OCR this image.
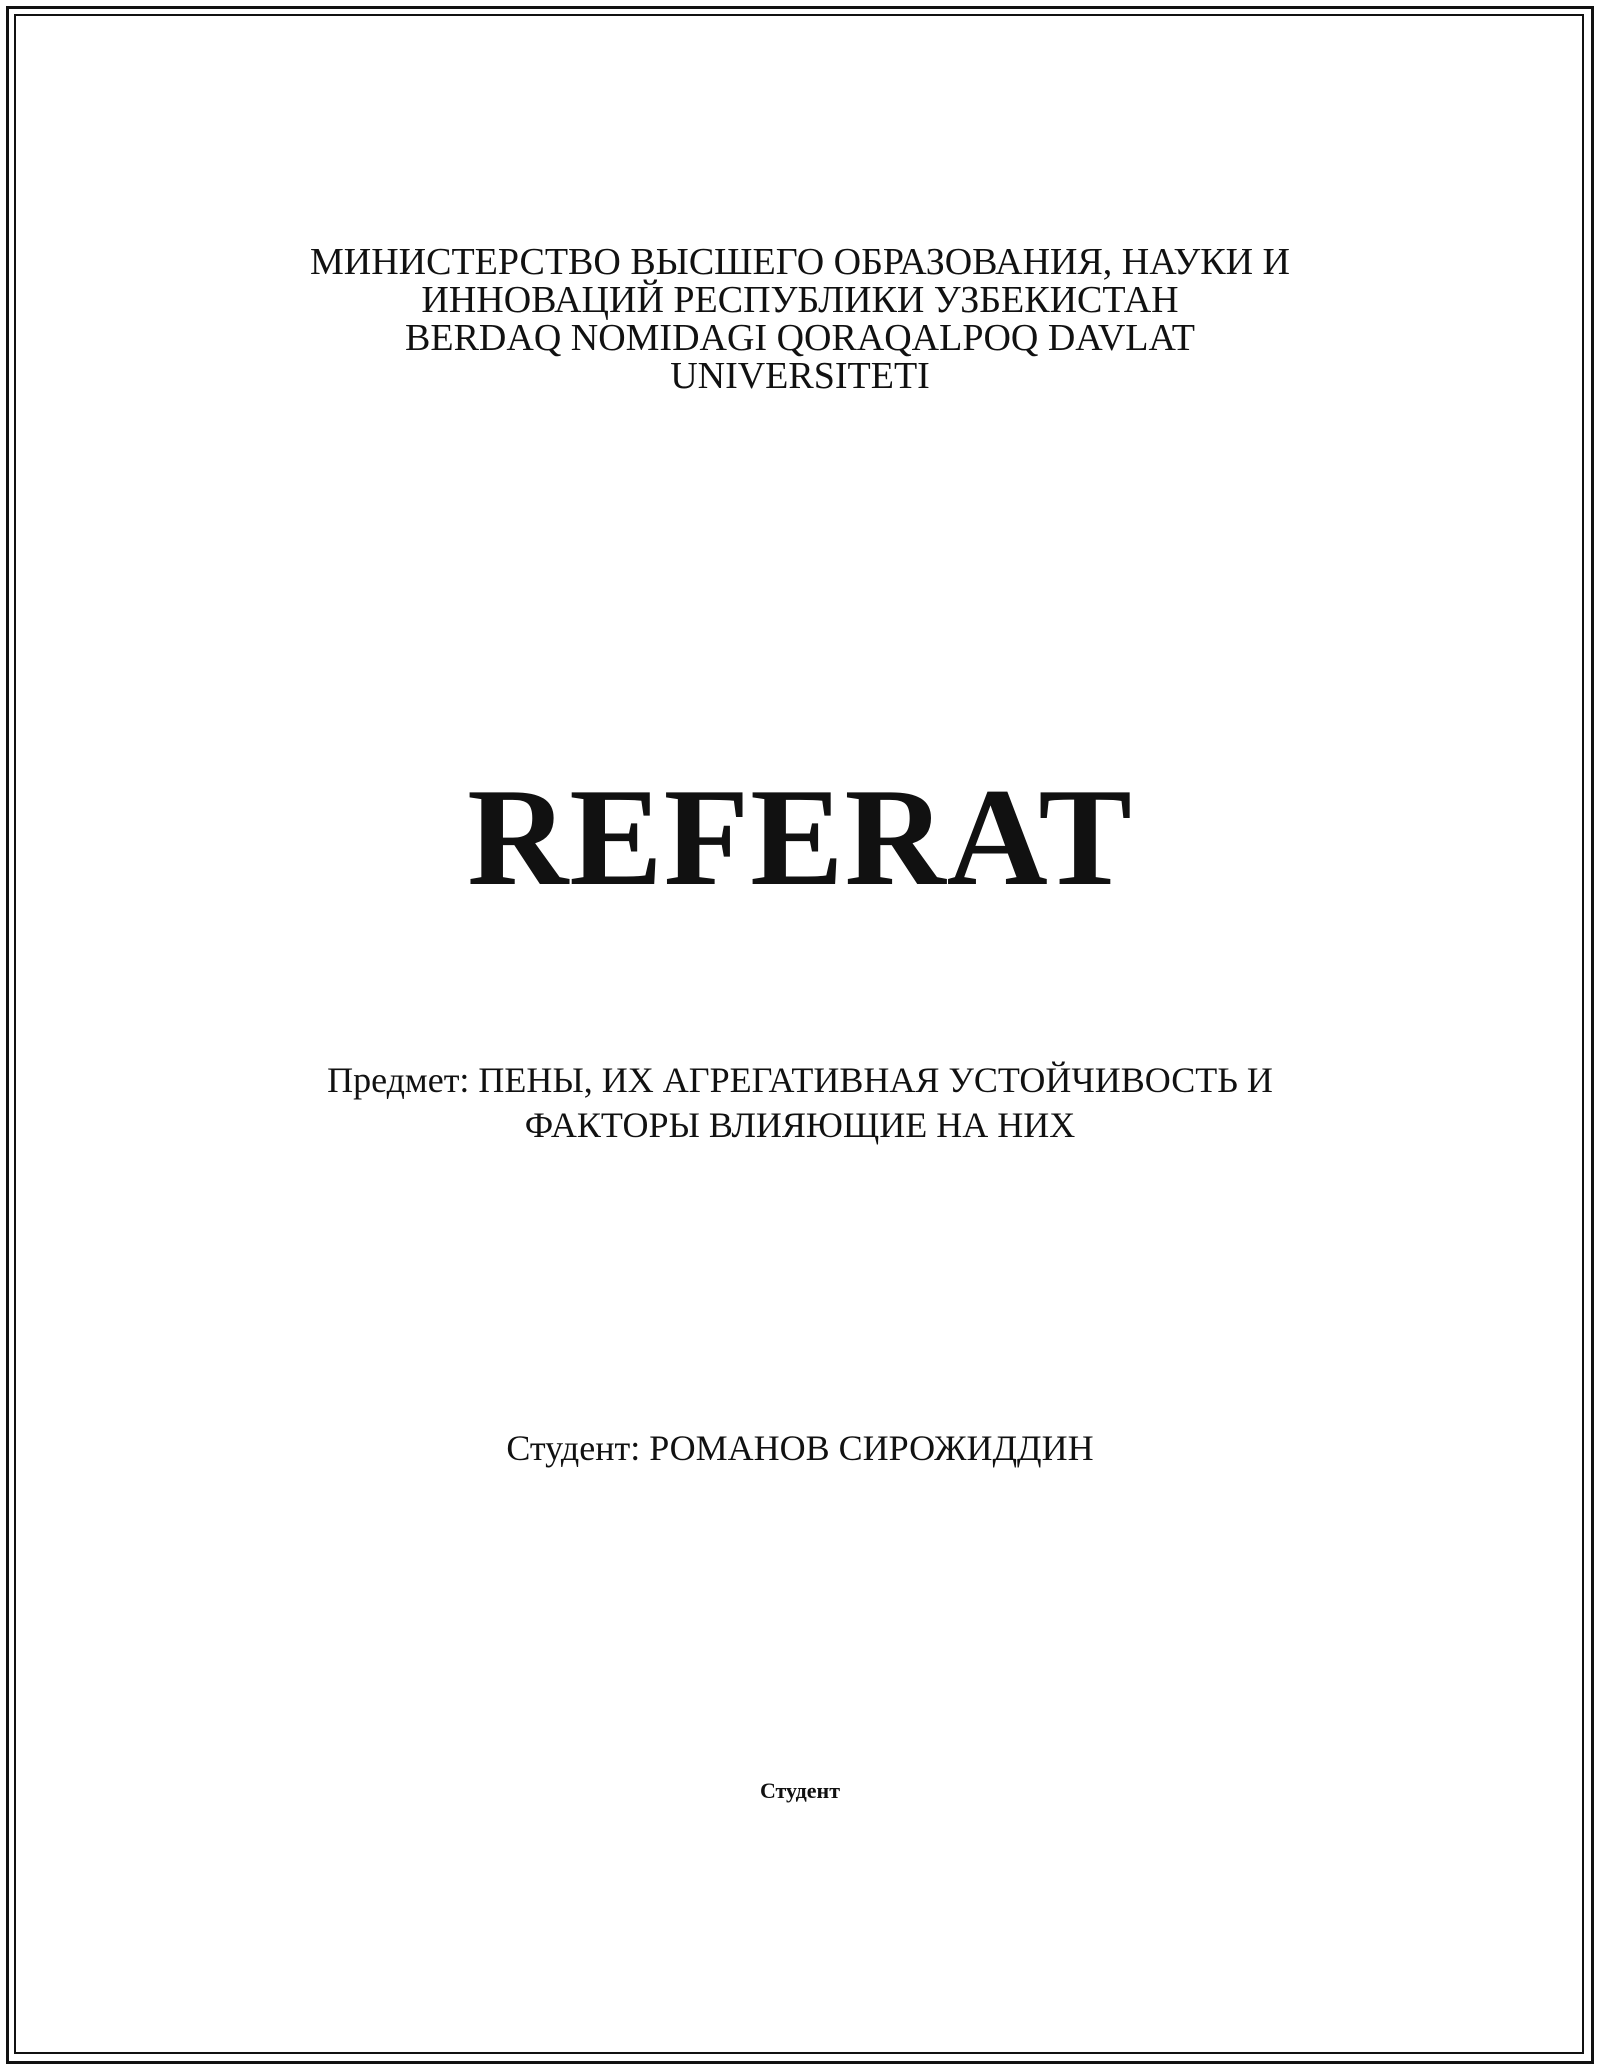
МИНИСТЕРСТВО ВЫСШЕГО ОБРАЗОВАНИЯ, НАУКИ И
ИННОВАЦИЙ РЕСПУБЛИКИ УЗБЕКИСТАН
BERDAQ NOMIDAGI QORAQALPOQ DAVLAT
UNIVERSITETI
REFERAT
Предмет: ПЕНЫ, ИХ АГРЕГАТИВНАЯ УСТОЙЧИВОСТЬ И
ФАКТОРЫ ВЛИЯЮЩИЕ НА НИХ
Студент: РОМАНОВ СИРОЖИДДИН
Студент
